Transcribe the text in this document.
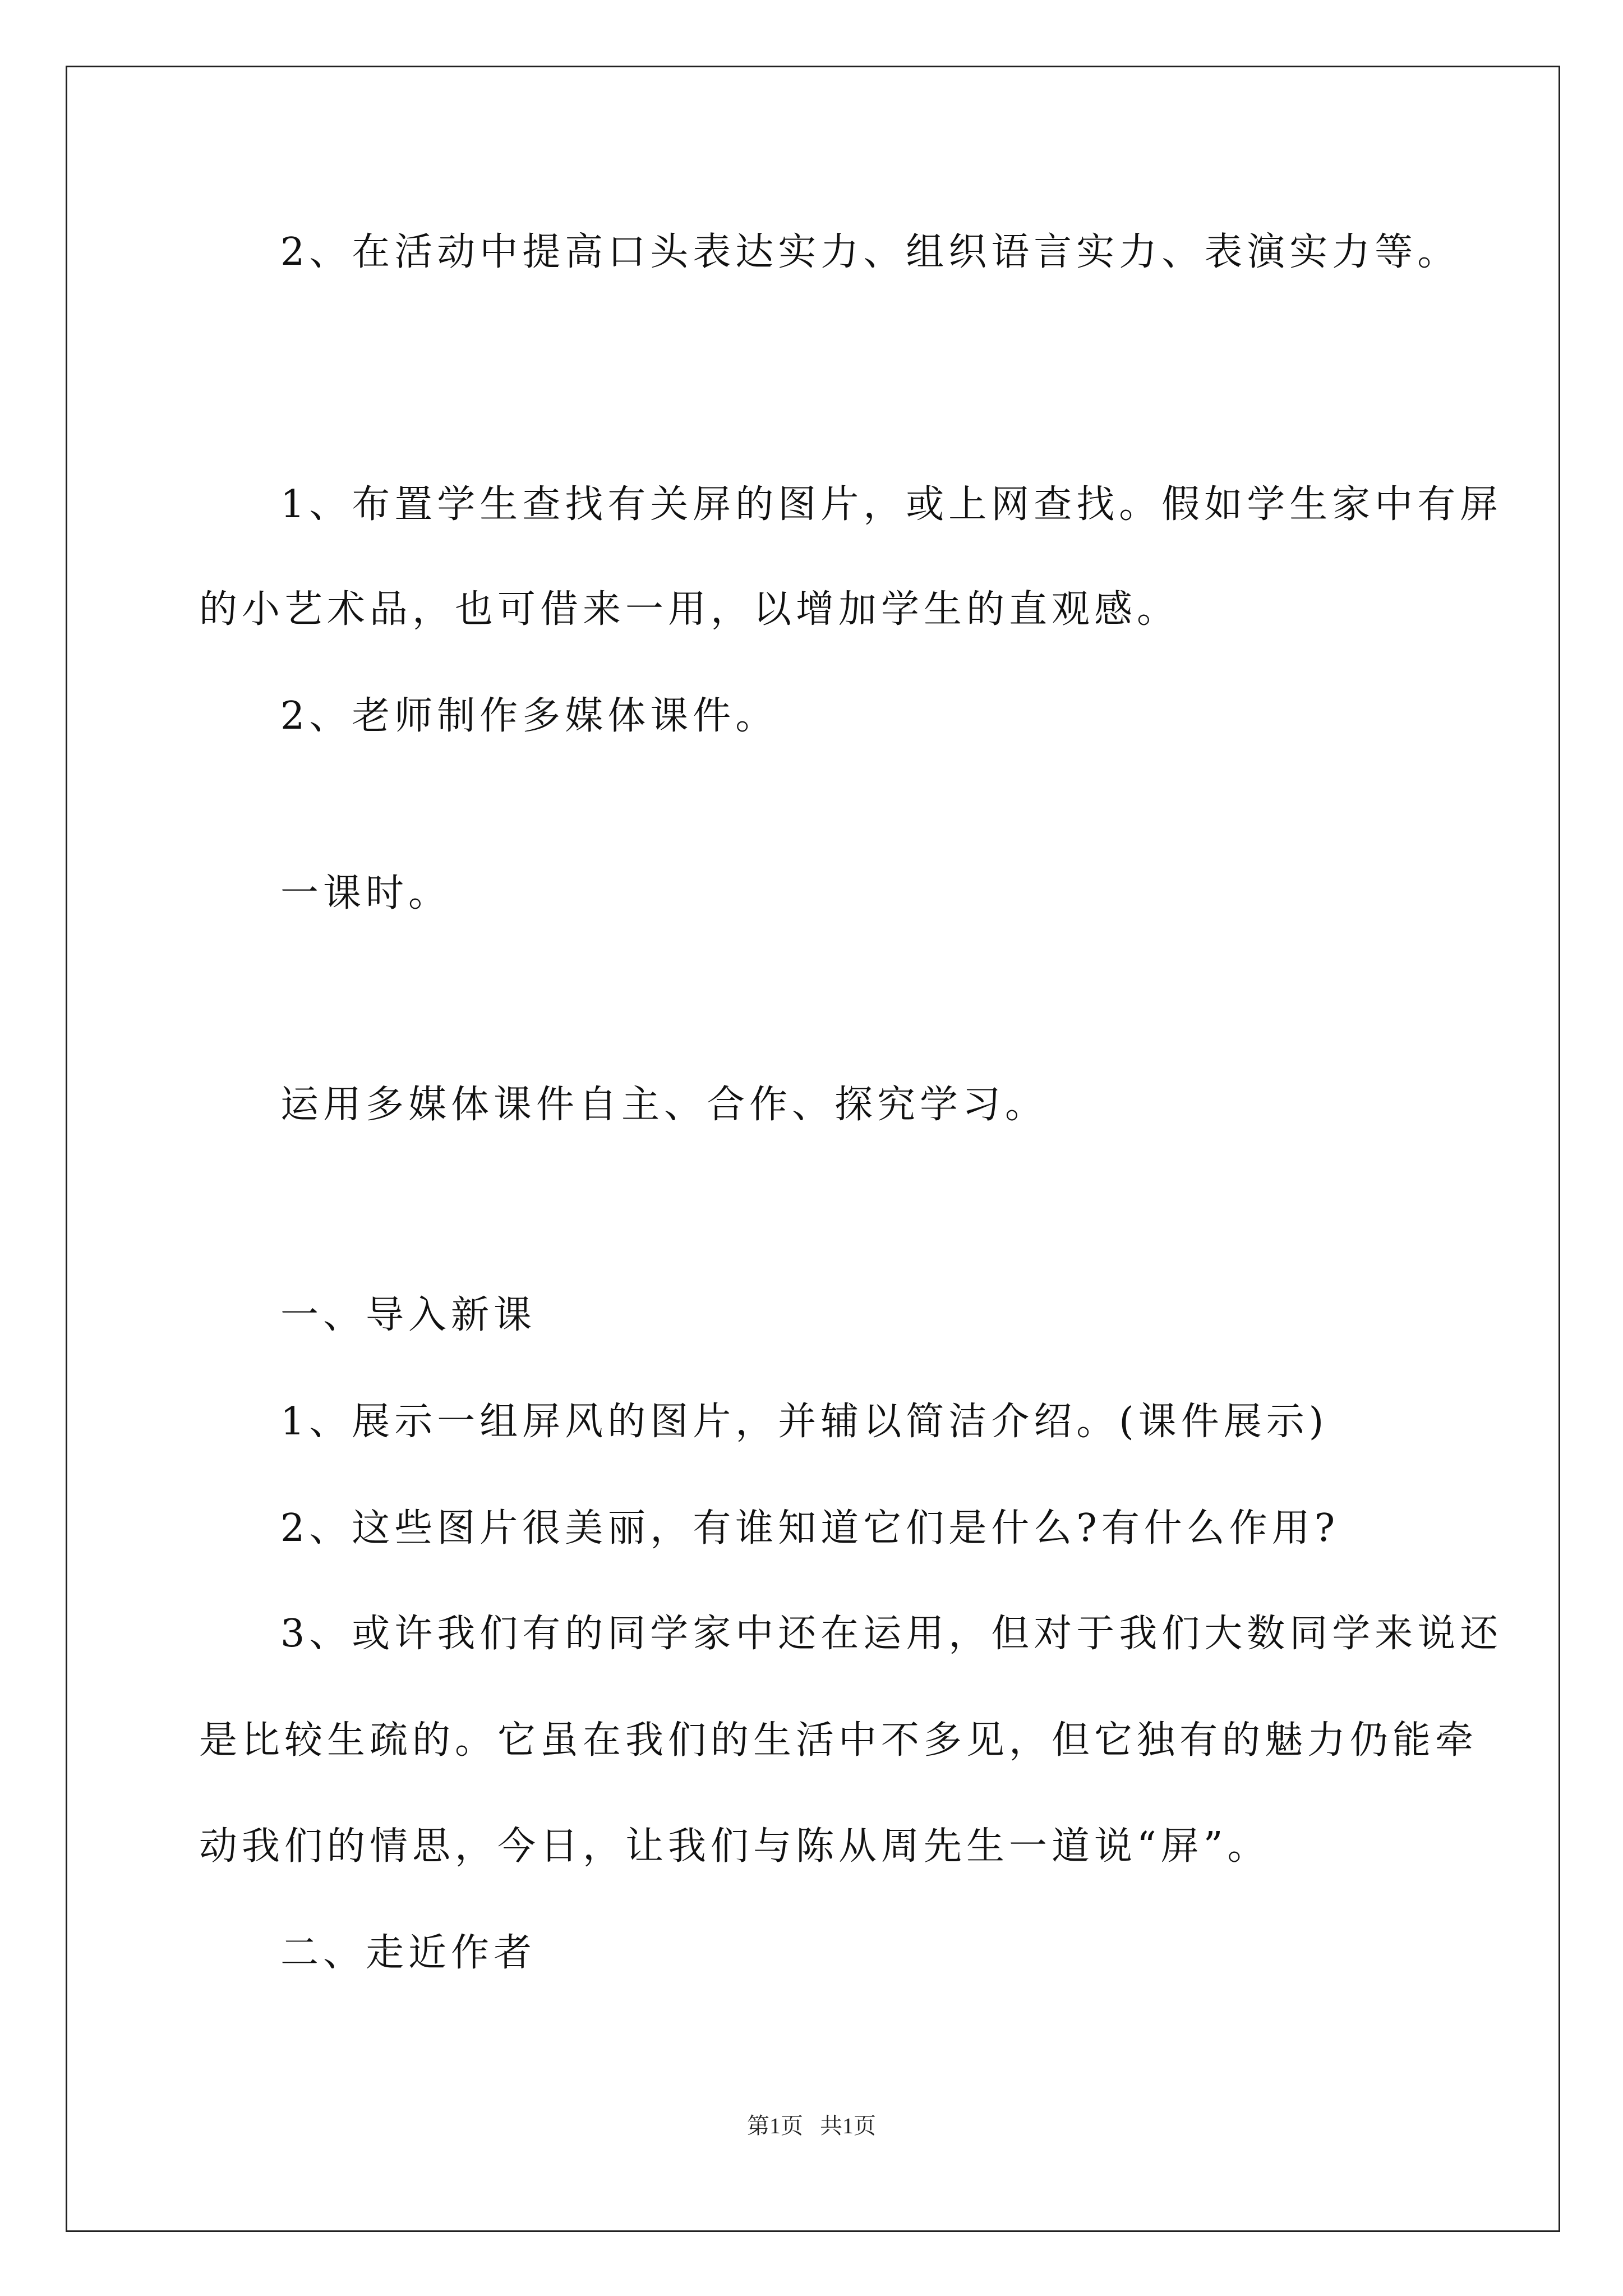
2、在活动中提高口头表达实力、组织语言实力、表演实力等。
1、布置学生查找有关屏的图片，或上网查找。假如学生家中有屏
的小艺术品，也可借来一用，以增加学生的直观感。
2、老师制作多媒体课件。
一课时。
运用多媒体课件自主、合作、探究学习。
一、导入新课
1、展示一组屏风的图片，并辅以简洁介绍。(课件展示)
2、这些图片很美丽，有谁知道它们是什么?有什么作用?
3、或许我们有的同学家中还在运用，但对于我们大数同学来说还
是比较生疏的。它虽在我们的生活中不多见，但它独有的魅力仍能牵
动我们的情思，今日，让我们与陈从周先生一道说“屏”。
二、走近作者
第1页 共1页
